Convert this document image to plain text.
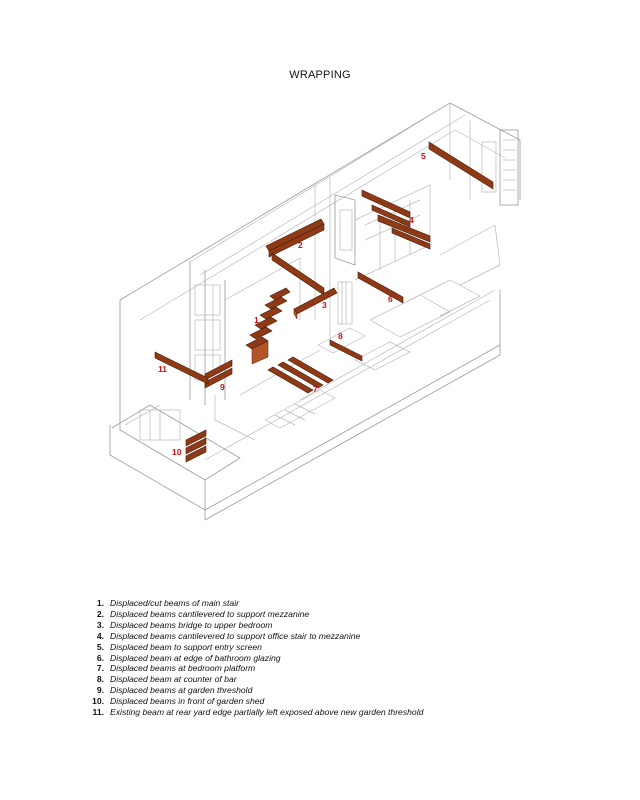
WRAPPING
1
2
3
4
5
6
7
8
9
10
11
1. Displaced/cut beams of main stair
2. Displaced beams cantilevered to support mezzanine
3. Displaced beams bridge to upper bedroom
4. Displaced beams cantilevered to support office stair to mezzanine
5. Displaced beam to support entry screen
6. Displaced beam at edge of bathroom glazing
7. Displaced beams at bedroom platform
8. Displaced beam at counter of bar
9. Displaced beams at garden threshold
10. Displaced beams in front of garden shed
11. Existing beam at rear yard edge partially left exposed above new garden threshold
